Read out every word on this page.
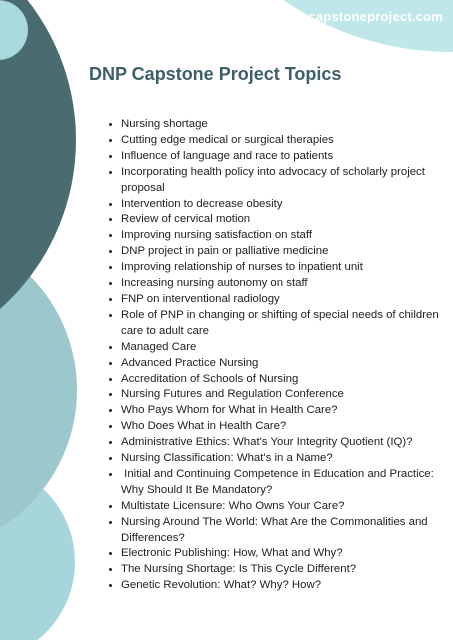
dnpcapstoneproject.com
DNP Capstone Project Topics
• Nursing shortage
• Cutting edge medical or surgical therapies
• Influence of language and race to patients
• Incorporating health policy into advocacy of scholarly project proposal
• Intervention to decrease obesity
• Review of cervical motion
• Improving nursing satisfaction on staff
• DNP project in pain or palliative medicine
• Improving relationship of nurses to inpatient unit
• Increasing nursing autonomy on staff
• FNP on interventional radiology
• Role of PNP in changing or shifting of special needs of children care to adult care
• Managed Care
• Advanced Practice Nursing
• Accreditation of Schools of Nursing
• Nursing Futures and Regulation Conference
• Who Pays Whom for What in Health Care?
• Who Does What in Health Care?
• Administrative Ethics: What's Your Integrity Quotient (IQ)?
• Nursing Classification: What's in a Name?
•  Initial and Continuing Competence in Education and Practice: Why Should It Be Mandatory?
• Multistate Licensure: Who Owns Your Care?
• Nursing Around The World: What Are the Commonalities and Differences?
• Electronic Publishing: How, What and Why?
• The Nursing Shortage: Is This Cycle Different?
• Genetic Revolution: What? Why? How?
